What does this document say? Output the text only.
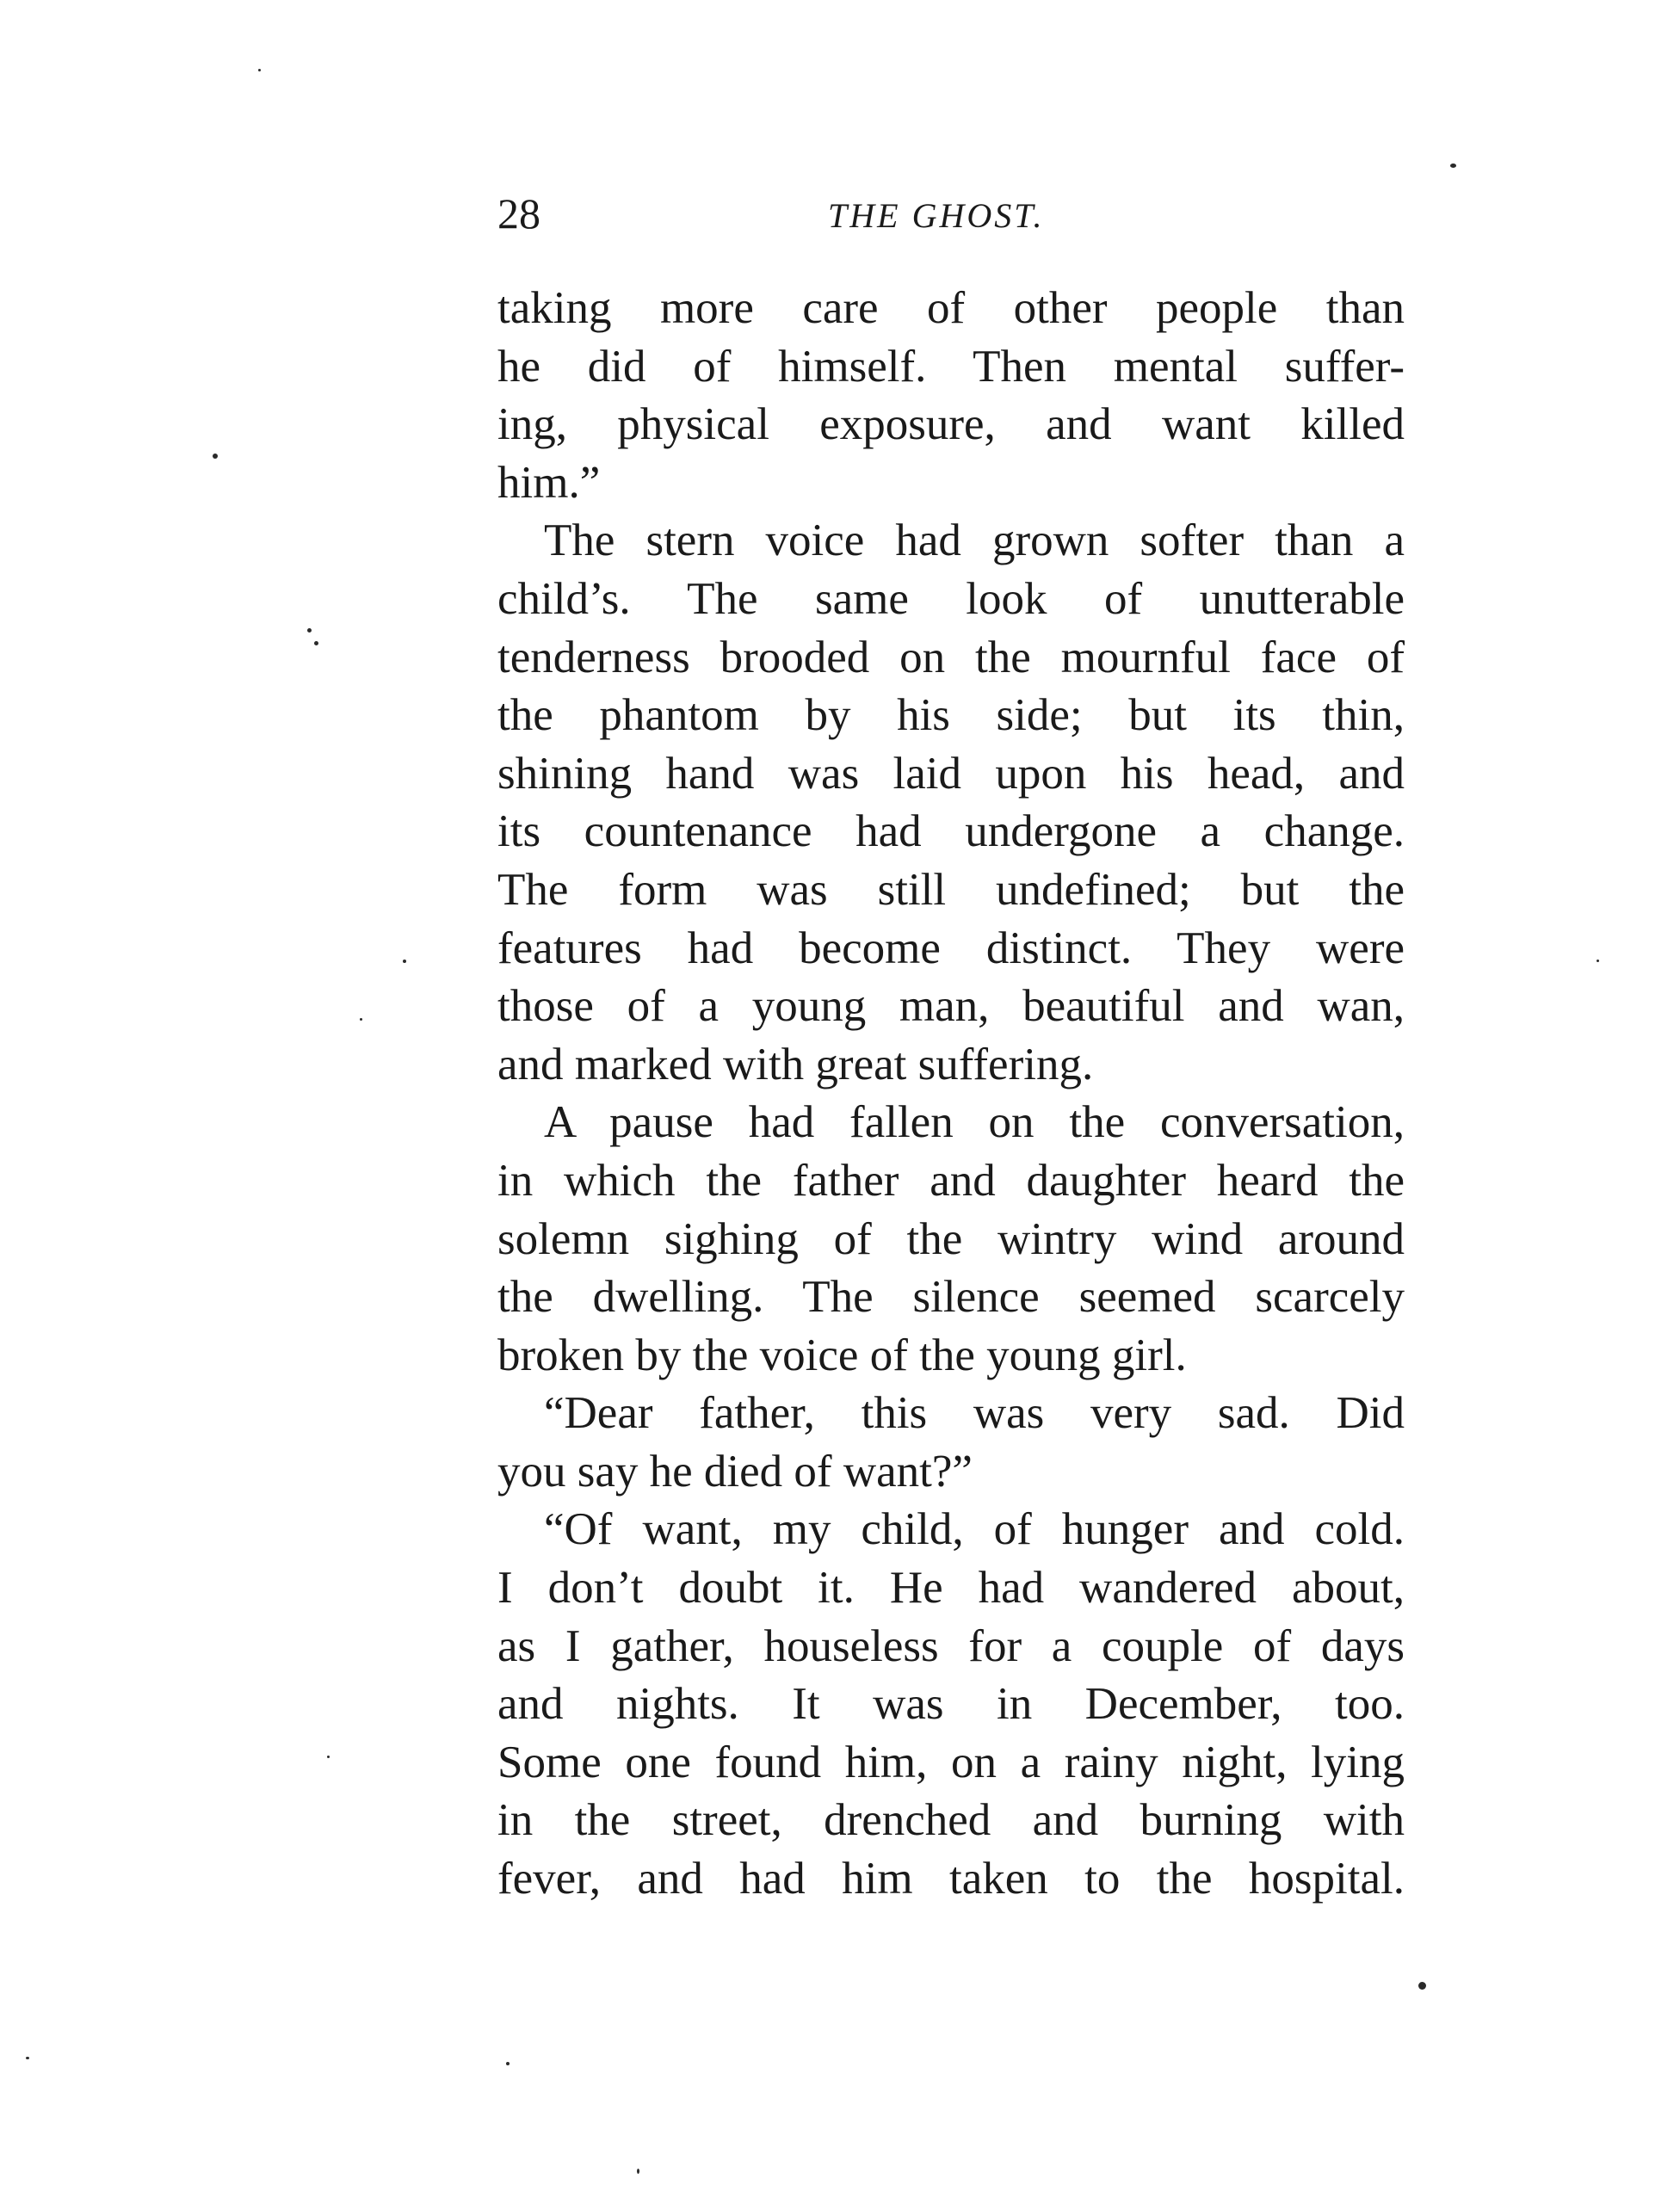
28	THE GHOST.
taking more care of other people than
he did of himself. Then mental suffer-
ing, physical exposure, and want killed
him.”
The stern voice had grown softer than a
child’s. The same look of unutterable
tenderness brooded on the mournful face of
the phantom by his side; but its thin,
shining hand was laid upon his head, and
its countenance had undergone a change.
The form was still undefined; but the
features had become distinct. They were
those of a young man, beautiful and wan,
and marked with great suffering.
A pause had fallen on the conversation,
in which the father and daughter heard the
solemn sighing of the wintry wind around
the dwelling. The silence seemed scarcely
broken by the voice of the young girl.
“Dear father, this was very sad. Did
you say he died of want?”
“Of want, my child, of hunger and cold.
I don’t doubt it. He had wandered about,
as I gather, houseless for a couple of days
and nights. It was in December, too.
Some one found him, on a rainy night, lying
in the street, drenched and burning with
fever, and had him taken to the hospital.
